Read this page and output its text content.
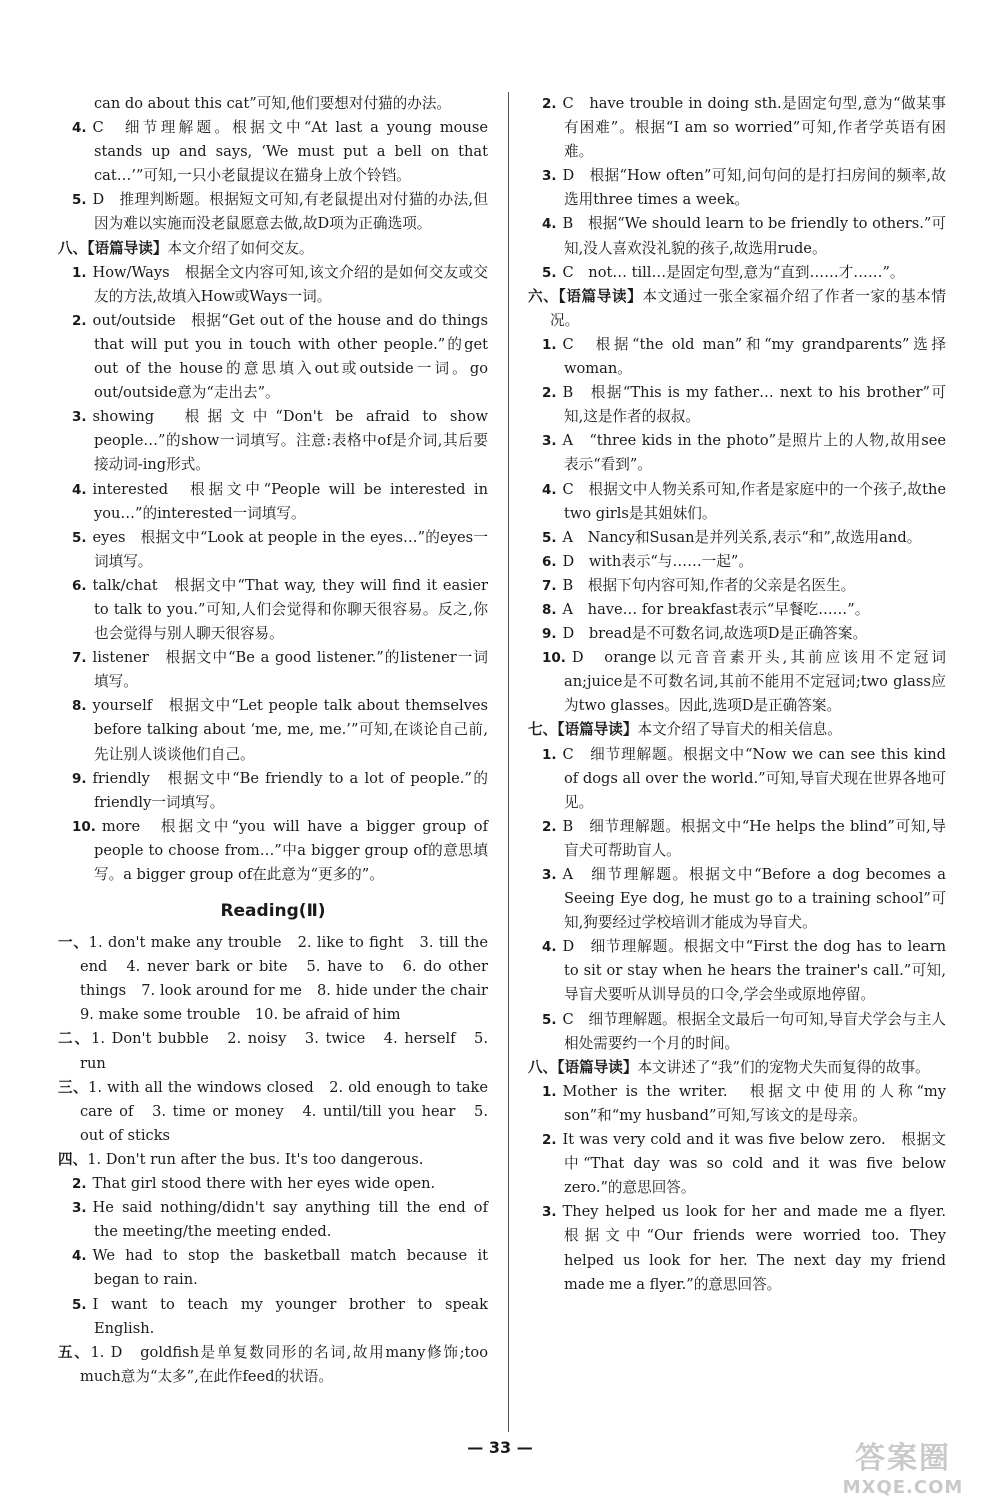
can do about this cat”可知,他们要想对付猫的办法。

4. C　细节理解题。根据文中“At last a young mouse stands up and says, ‘We must put a bell on that cat…’”可知,一只小老鼠提议在猫身上放个铃铛。

5. D　推理判断题。根据短文可知,有老鼠提出对付猫的办法,但因为难以实施而没老鼠愿意去做,故D项为正确选项。

八、【语篇导读】本文介绍了如何交友。

1. How/Ways　根据全文内容可知,该文介绍的是如何交友或交友的方法,故填入How或Ways一词。

2. out/outside　根据“Get out of the house and do things that will put you in touch with other people.”的get out of the house的意思填入out或outside一词。go out/outside意为“走出去”。

3. showing　根据文中“Don't be afraid to show people…”的show一词填写。注意:表格中of是介词,其后要接动词-ing形式。

4. interested　根据文中“People will be interested in you…”的interested一词填写。

5. eyes　根据文中“Look at people in the eyes…”的eyes一词填写。

6. talk/chat　根据文中“That way, they will find it easier to talk to you.”可知,人们会觉得和你聊天很容易。反之,你也会觉得与别人聊天很容易。

7. listener　根据文中“Be a good listener.”的listener一词填写。

8. yourself　根据文中“Let people talk about themselves before talking about ‘me, me, me.’”可知,在谈论自己前,先让别人谈谈他们自己。

9. friendly　根据文中“Be friendly to a lot of people.”的friendly一词填写。

10. more　根据文中“you will have a bigger group of people to choose from…”中a bigger group of的意思填写。a bigger group of在此意为“更多的”。

Reading(Ⅱ)

一、1. don't make any trouble　2. like to fight　3. till the end　4. never bark or bite　5. have to　6. do other things　7. look around for me　8. hide under the chair　9. make some trouble　10. be afraid of him

二、1. Don't bubble　2. noisy　3. twice　4. herself　5. run

三、1. with all the windows closed　2. old enough to take care of　3. time or money　4. until/till you hear　5. out of sticks

四、1. Don't run after the bus. It's too dangerous.

2. That girl stood there with her eyes wide open.

3. He said nothing/didn't say anything till the end of the meeting/the meeting ended.

4. We had to stop the basketball match because it began to rain.

5. I want to teach my younger brother to speak English.

五、1. D　goldfish是单复数同形的名词,故用many修饰;too much意为“太多”,在此作feed的状语。

2. C　have trouble in doing sth.是固定句型,意为“做某事有困难”。根据“I am so worried”可知,作者学英语有困难。

3. D　根据“How often”可知,问句问的是打扫房间的频率,故选用three times a week。

4. B　根据“We should learn to be friendly to others.”可知,没人喜欢没礼貌的孩子,故选用rude。

5. C　not… till…是固定句型,意为“直到……才……”。

六、【语篇导读】本文通过一张全家福介绍了作者一家的基本情况。

1. C　根据“the old man”和“my grandparents”选择woman。

2. B　根据“This is my father… next to his brother”可知,这是作者的叔叔。

3. A　“three kids in the photo”是照片上的人物,故用see表示“看到”。

4. C　根据文中人物关系可知,作者是家庭中的一个孩子,故the two girls是其姐妹们。

5. A　Nancy和Susan是并列关系,表示“和”,故选用and。

6. D　with表示“与……一起”。

7. B　根据下句内容可知,作者的父亲是名医生。

8. A　have… for breakfast表示“早餐吃……”。

9. D　bread是不可数名词,故选项D是正确答案。

10. D　orange以元音音素开头,其前应该用不定冠词an;juice是不可数名词,其前不能用不定冠词;two glass应为two glasses。因此,选项D是正确答案。

七、【语篇导读】本文介绍了导盲犬的相关信息。

1. C　细节理解题。根据文中“Now we can see this kind of dogs all over the world.”可知,导盲犬现在世界各地可见。

2. B　细节理解题。根据文中“He helps the blind”可知,导盲犬可帮助盲人。

3. A　细节理解题。根据文中“Before a dog becomes a Seeing Eye dog, he must go to a training school”可知,狗要经过学校培训才能成为导盲犬。

4. D　细节理解题。根据文中“First the dog has to learn to sit or stay when he hears the trainer's call.”可知,导盲犬要听从训导员的口令,学会坐或原地停留。

5. C　细节理解题。根据全文最后一句可知,导盲犬学会与主人相处需要约一个月的时间。

八、【语篇导读】本文讲述了“我”们的宠物犬失而复得的故事。

1. Mother is the writer.　根据文中使用的人称“my son”和“my husband”可知,写该文的是母亲。

2. It was very cold and it was five below zero.　根据文中“That day was so cold and it was five below zero.”的意思回答。

3. They helped us look for her and made me a flyer.　根据文中“Our friends were worried too. They helped us look for her. The next day my friend made me a flyer.”的意思回答。

— 33 —	答案圈
MXQE.COM
